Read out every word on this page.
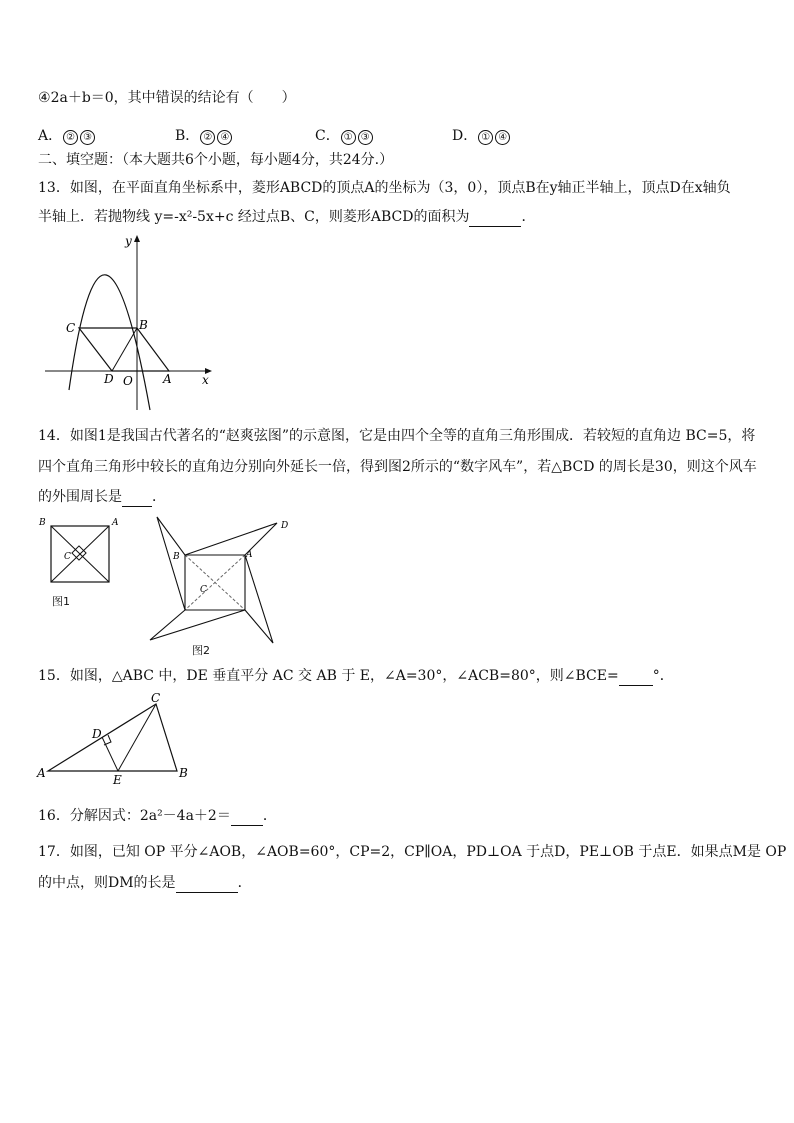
④2a＋b＝0，其中错误的结论有（　　）
A． ② ③	B． ② ④	C． ① ③	D． ① ④
二、填空题：（本大题共6个小题，每小题4分，共24分.）
13．如图，在平面直角坐标系中，菱形ABCD的顶点A的坐标为（3，0），顶点B在y轴正半轴上，顶点D在x轴负
半轴上．若抛物线 y=-x²-5x+c 经过点B、C，则菱形ABCD的面积为	．
y
x
C	B
D O	A
14．如图1是我国古代著名的“赵爽弦图”的示意图，它是由四个全等的直角三角形围成．若较短的直角边 BC=5，将
四个直角三角形中较长的直角边分别向外延长一倍，得到图2所示的“数字风车”，若△BCD 的周长是30，则这个风车
的外围周长是 ．
B	A
C
图1
B	A
D
C
图2
15．如图，△ABC 中，DE 垂直平分 AC 交 AB 于 E，∠A=30°，∠ACB=80°，则∠BCE= °．
C
D
A	E	B
16．分解因式：2a²－4a＋2＝ ．
17．如图，已知 OP 平分∠AOB，∠AOB=60°，CP=2，CP∥OA，PD⊥OA 于点D，PE⊥OB 于点E．如果点M是 OP
的中点，则DM的长是	．
